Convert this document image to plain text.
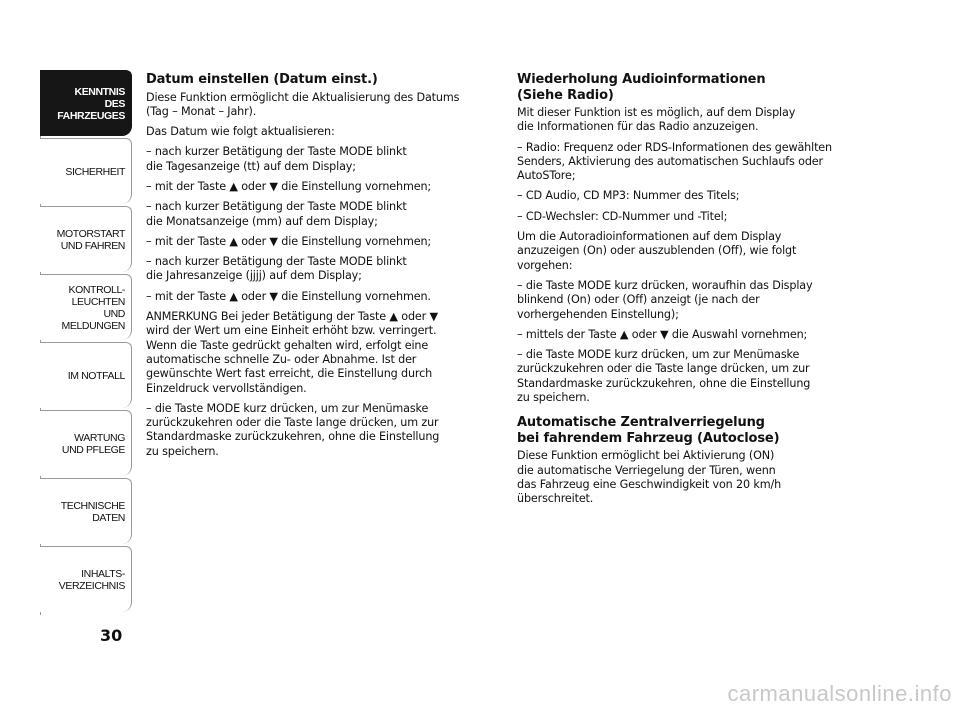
KENNTNIS
DES FAHRZEUGES
SICHERHEIT
MOTORSTART
UND FAHREN
KONTROLL-
LEUCHTEN
UND MELDUNGEN
IM NOTFALL
WARTUNG
UND PFLEGE
TECHNISCHE
DATEN
INHALTS-
VERZEICHNIS
30
Datum einstellen (Datum einst.)

Diese Funktion ermöglicht die Aktualisierung des Datums
(Tag – Monat – Jahr).

Das Datum wie folgt aktualisieren:

– nach kurzer Betätigung der Taste MODE blinkt
die Tagesanzeige (tt) auf dem Display;

– mit der Taste ▲ oder ▼ die Einstellung vornehmen;

– nach kurzer Betätigung der Taste MODE blinkt
die Monatsanzeige (mm) auf dem Display;

– mit der Taste ▲ oder ▼ die Einstellung vornehmen;

– nach kurzer Betätigung der Taste MODE blinkt
die Jahresanzeige (jjjj) auf dem Display;

– mit der Taste ▲ oder ▼ die Einstellung vornehmen.

ANMERKUNG Bei jeder Betätigung der Taste ▲ oder ▼
wird der Wert um eine Einheit erhöht bzw. verringert.
Wenn die Taste gedrückt gehalten wird, erfolgt eine
automatische schnelle Zu- oder Abnahme. Ist der
gewünschte Wert fast erreicht, die Einstellung durch
Einzeldruck vervollständigen.

– die Taste MODE kurz drücken, um zur Menümaske
zurückzukehren oder die Taste lange drücken, um zur
Standardmaske zurückzukehren, ohne die Einstellung
zu speichern.

Wiederholung Audioinformationen
(Siehe Radio)

Mit dieser Funktion ist es möglich, auf dem Display
die Informationen für das Radio anzuzeigen.

– Radio: Frequenz oder RDS-Informationen des gewählten
Senders, Aktivierung des automatischen Suchlaufs oder
AutoSTore;

– CD Audio, CD MP3: Nummer des Titels;

– CD-Wechsler: CD-Nummer und -Titel;

Um die Autoradioinformationen auf dem Display
anzuzeigen (On) oder auszublenden (Off), wie folgt
vorgehen:

– die Taste MODE kurz drücken, woraufhin das Display
blinkend (On) oder (Off) anzeigt (je nach der
vorhergehenden Einstellung);

– mittels der Taste ▲ oder ▼ die Auswahl vornehmen;

– die Taste MODE kurz drücken, um zur Menümaske
zurückzukehren oder die Taste lange drücken, um zur
Standardmaske zurückzukehren, ohne die Einstellung
zu speichern.

Automatische Zentralverriegelung
bei fahrendem Fahrzeug (Autoclose)

Diese Funktion ermöglicht bei Aktivierung (ON)
die automatische Verriegelung der Türen, wenn
das Fahrzeug eine Geschwindigkeit von 20 km/h
überschreitet.

carmanualsonline.info
